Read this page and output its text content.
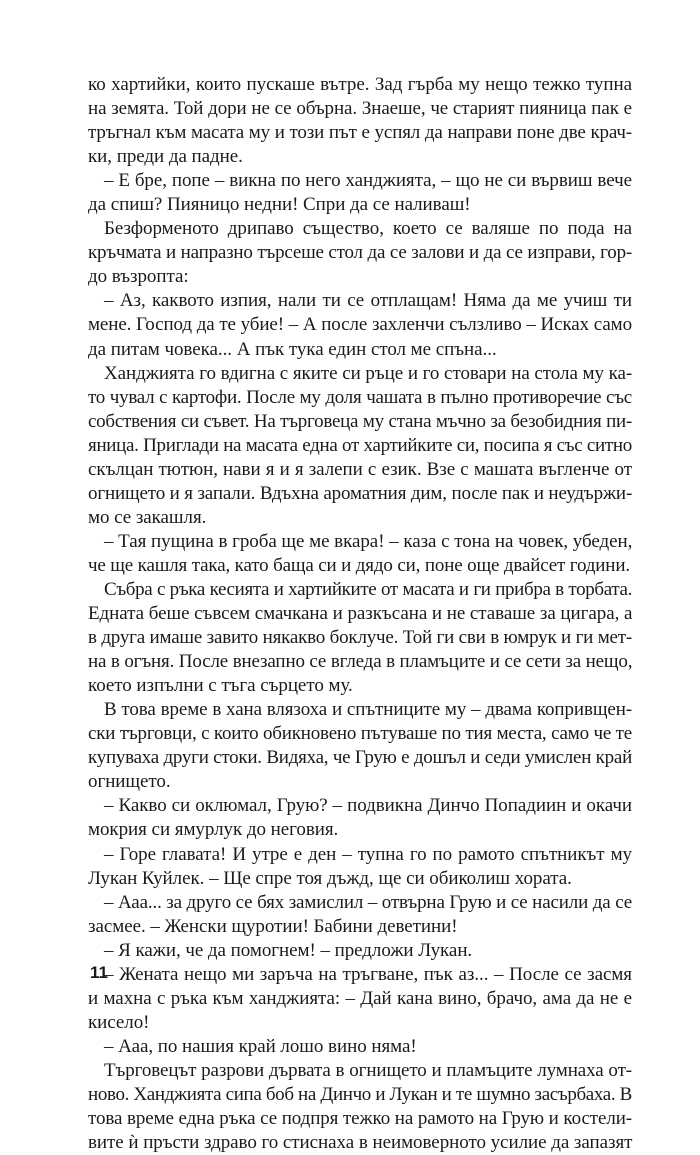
ко хартийки, които пускаше вътре. Зад гърба му нещо тежко тупна
на земята. Той дори не се обърна. Знаеше, че старият пияница пак е
тръгнал към масата му и този път е успял да направи поне две крач-
ки, преди да падне.
– Е бре, попе – викна по него ханджията, – що не си вървиш вече
да спиш? Пияницо недни! Спри да се наливаш!
Безформеното дрипаво същество, което се валяше по пода на
кръчмата и напразно търсеше стол да се залови и да се изправи, гор-
до възропта:
– Аз, каквото изпия, нали ти се отплащам! Няма да ме учиш ти
мене. Господ да те убие! – А после захленчи сълзливо – Исках само
да питам човека... А пък тука един стол ме спъна...
Ханджията го вдигна с яките си ръце и го стовари на стола му ка-
то чувал с картофи. После му доля чашата в пълно противоречие със
собствения си съвет. На търговеца му стана мъчно за безобидния пи-
яница. Приглади на масата една от хартийките си, посипа я със ситно
скълцан тютюн, нави я и я залепи с език. Взе с машата въгленче от
огнището и я запали. Вдъхна ароматния дим, после пак и неудържи-
мо се закашля.
– Тая пущина в гроба ще ме вкара! – каза с тона на човек, убеден,
че ще кашля така, като баща си и дядо си, поне още двайсет години.
Събра с ръка кесията и хартийките от масата и ги прибра в торбата.
Едната беше съвсем смачкана и разкъсана и не ставаше за цигара, а
в друга имаше завито някакво боклуче. Той ги сви в юмрук и ги мет-
на в огъня. После внезапно се вгледа в пламъците и се сети за нещо,
което изпълни с тъга сърцето му.
В това време в хана влязоха и спътниците му – двама копривщен-
ски търговци, с които обикновено пътуваше по тия места, само че те
купуваха други стоки. Видяха, че Грую е дошъл и седи умислен край
огнището.
– Какво си оклюмал, Грую? – подвикна Динчо Попадиин и окачи
мокрия си ямурлук до неговия.
– Горе главата! И утре е ден – тупна го по рамото спътникът му
Лукан Куйлек. – Ще спре тоя дъжд, ще си обиколиш хората.
– Ааа... за друго се бях замислил – отвърна Грую и се насили да се
засмее. – Женски щуротии! Бабини деветини!
– Я кажи, че да помогнем! – предложи Лукан.
– Жената нещо ми заръча на тръгване, пък аз... – После се засмя
и махна с ръка към ханджията: – Дай кана вино, брачо, ама да не е
кисело!
– Ааа, по нашия край лошо вино няма!
Търговецът разрови дървата в огнището и пламъците лумнаха от-
ново. Ханджията сипа боб на Динчо и Лукан и те шумно засърбаха. В
това време една ръка се подпря тежко на рамото на Грую и костели-
вите ѝ пръсти здраво го стиснаха в неимоверното усилие да запазят
11
